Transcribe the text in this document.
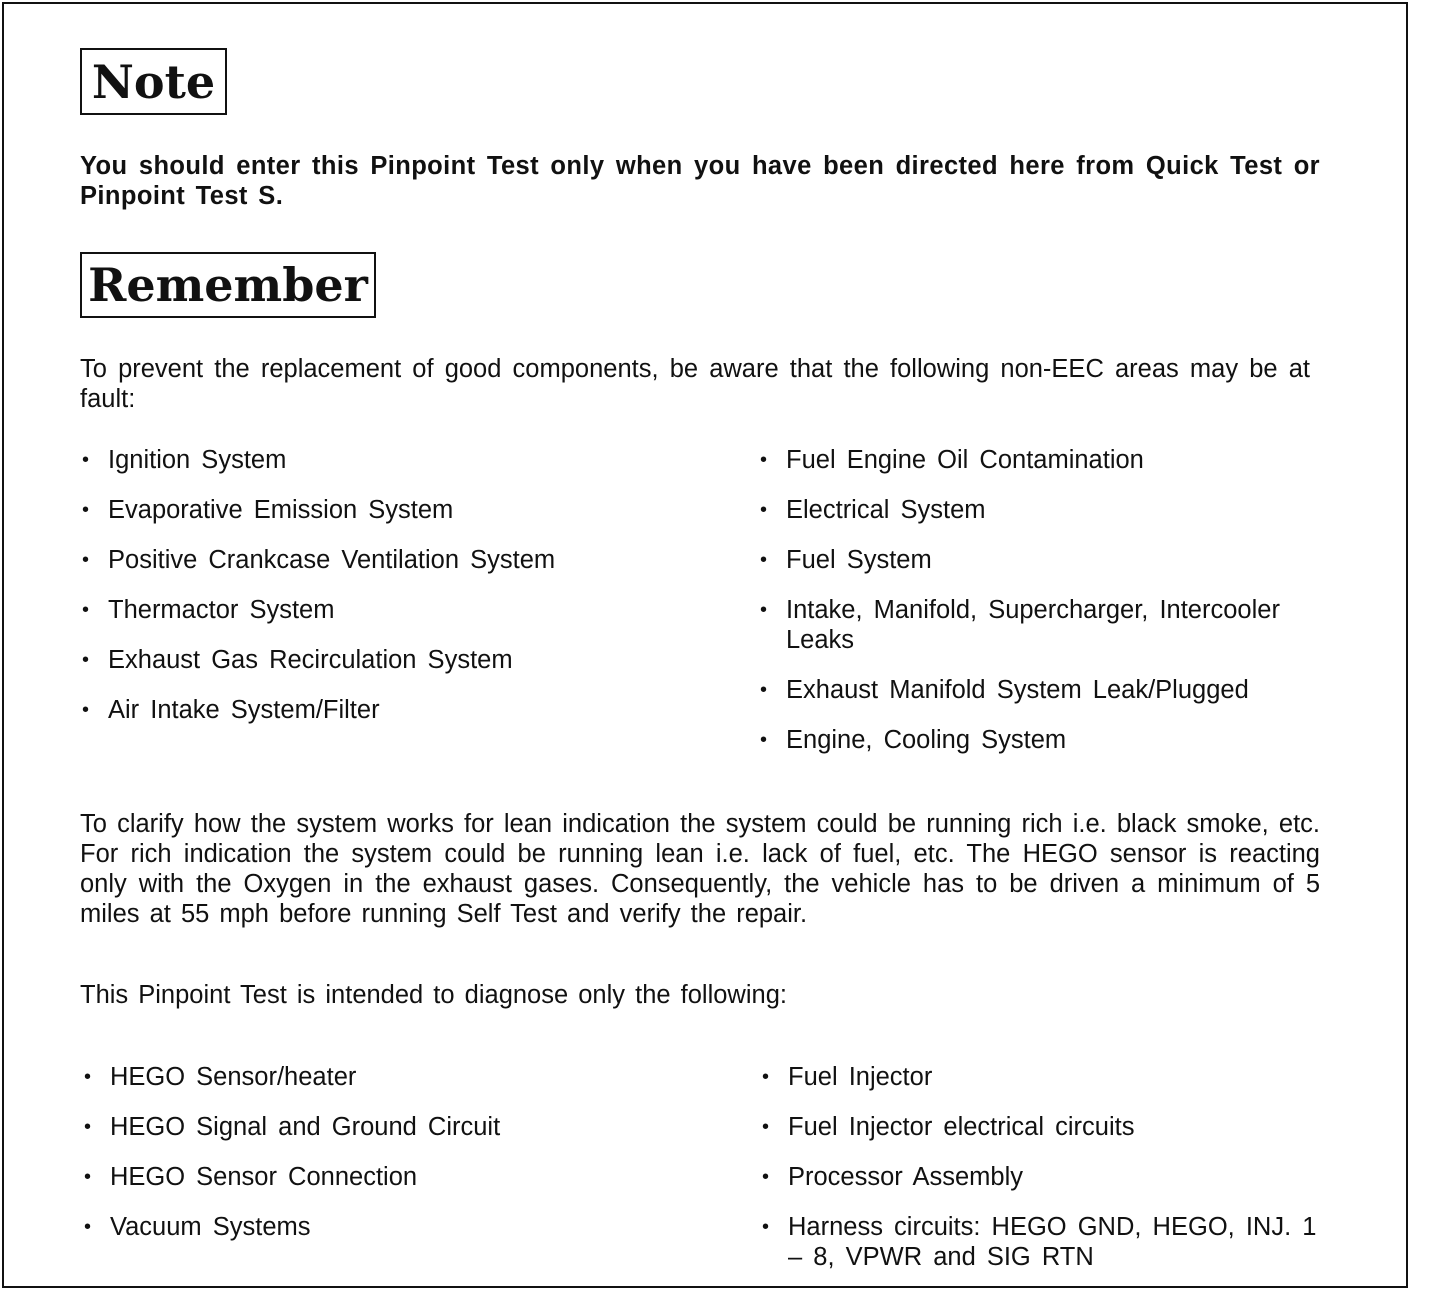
Note
You should enter this Pinpoint Test only when you have been directed here from Quick Test or Pinpoint Test S.
Remember
To prevent the replacement of good components, be aware that the following non-EEC areas may be at fault:
• Ignition System
• Evaporative Emission System
• Positive Crankcase Ventilation System
• Thermactor System
• Exhaust Gas Recirculation System
• Air Intake System/Filter
• Fuel Engine Oil Contamination
• Electrical System
• Fuel System
• Intake, Manifold, Supercharger, Intercooler Leaks
• Exhaust Manifold System Leak/Plugged
• Engine, Cooling System
To clarify how the system works for lean indication the system could be running rich i.e. black smoke, etc. For rich indication the system could be running lean i.e. lack of fuel, etc. The HEGO sensor is reacting only with the Oxygen in the exhaust gases. Consequently, the vehicle has to be driven a minimum of 5 miles at 55 mph before running Self Test and verify the repair.
This Pinpoint Test is intended to diagnose only the following:
• HEGO Sensor/heater
• HEGO Signal and Ground Circuit
• HEGO Sensor Connection
• Vacuum Systems
• Fuel Injector
• Fuel Injector electrical circuits
• Processor Assembly
• Harness circuits: HEGO GND, HEGO, INJ. 1 – 8, VPWR and SIG RTN
